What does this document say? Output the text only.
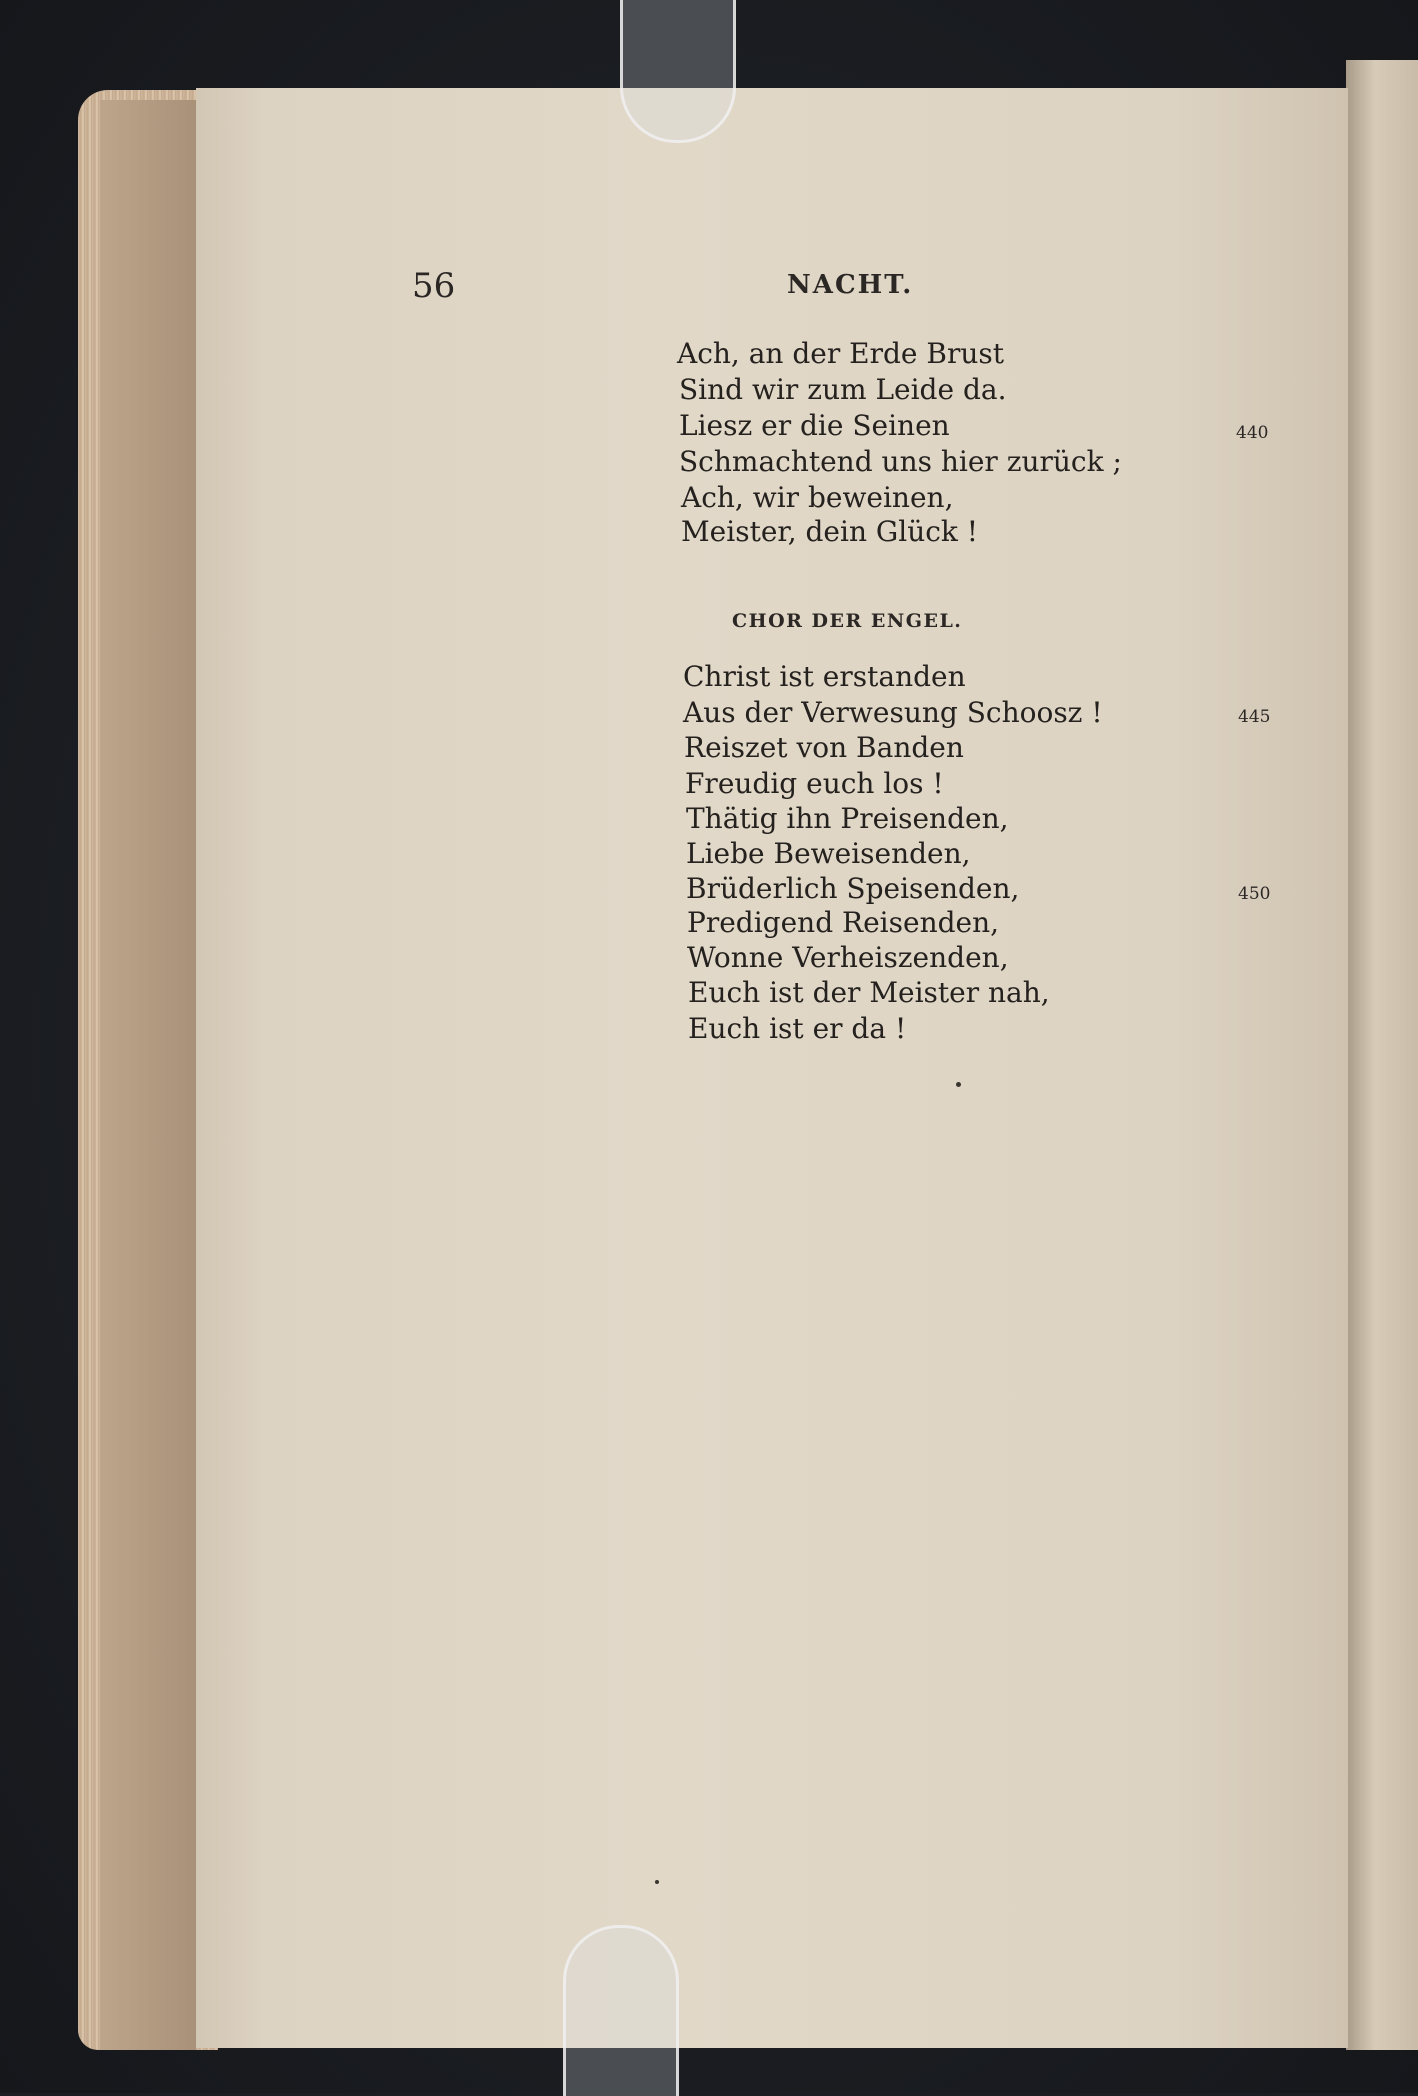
56	NACHT.
Ach, an der Erde Brust
Sind wir zum Leide da.
Liesz er die Seinen
Schmachtend uns hier zurück ;
Ach, wir beweinen,
Meister, dein Glück !
440
CHOR DER ENGEL.
Christ ist erstanden
Aus der Verwesung Schoosz !
Reiszet von Banden
Freudig euch los !
Thätig ihn Preisenden,
Liebe Beweisenden,
Brüderlich Speisenden,
Predigend Reisenden,
Wonne Verheiszenden,
Euch ist der Meister nah,
Euch ist er da !
445
450
